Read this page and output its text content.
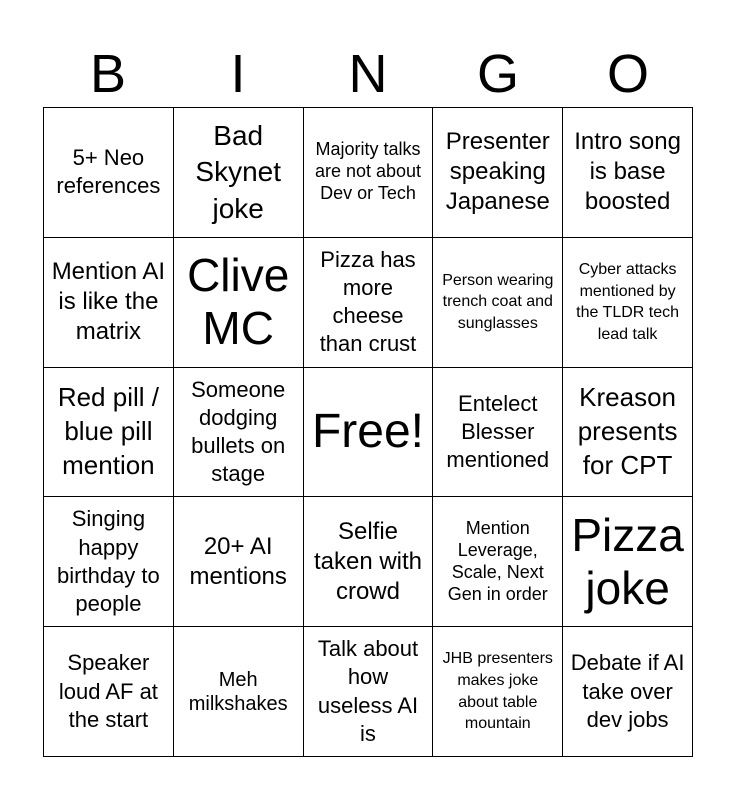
B	I	N	G	O
5+ Neo references	Bad Skynet joke	Majority talks are not about Dev or Tech	Presenter speaking Japanese	Intro song is base boosted

Mention AI is like the matrix	Clive MC	Pizza has more cheese than crust	Person wearing trench coat and sunglasses	Cyber attacks mentioned by the TLDR tech lead talk

Red pill / blue pill mention	Someone dodging bullets on stage	Free!	Entelect Blesser mentioned	Kreason presents for CPT

Singing happy birthday to people	20+ AI mentions	Selfie taken with crowd	Mention Leverage, Scale, Next Gen in order	Pizza joke

Speaker loud AF at the start	Meh milkshakes	Talk about how useless AI is	JHB presenters makes joke about table mountain	Debate if AI take over dev jobs
